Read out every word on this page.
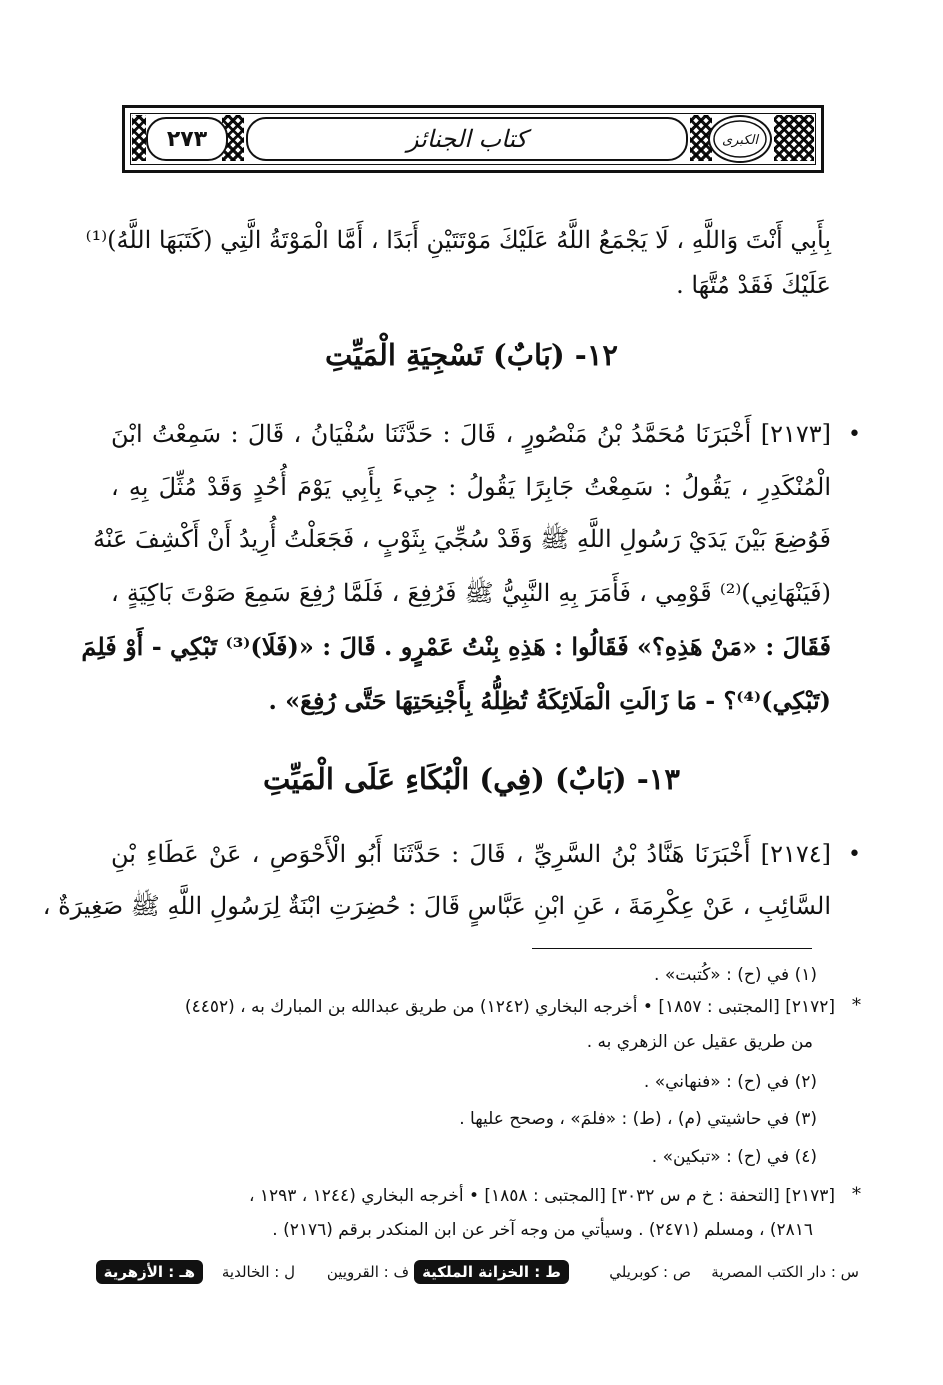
الكبرى
كتاب الجنائز
٢٧٣
بِأَبِي أَنْتَ وَاللَّهِ ، لَا يَجْمَعُ اللَّهُ عَلَيْكَ مَوْتَتَيْنِ أَبَدًا ، أَمَّا الْمَوْتَةُ الَّتِي (كَتَبَهَا اللَّهُ)⁽¹⁾
عَلَيْكَ فَقَدْ مُتَّهَا .
١٢- (بَابٌ) تَسْجِيَةِ الْمَيِّتِ
•
[٢١٧٣] أَخْبَرَنَا مُحَمَّدُ بْنُ مَنْصُورٍ ، قَالَ : حَدَّثَنَا سُفْيَانُ ، قَالَ : سَمِعْتُ ابْنَ
الْمُنْكَدِرِ ، يَقُولُ : سَمِعْتُ جَابِرًا يَقُولُ : جِيءَ بِأَبِي يَوْمَ أُحُدٍ وَقَدْ مُثِّلَ بِهِ ،
فَوُضِعَ بَيْنَ يَدَيْ رَسُولِ اللَّهِ ﷺ وَقَدْ سُجِّيَ بِثَوْبٍ ، فَجَعَلْتُ أُرِيدُ أَنْ أَكْشِفَ عَنْهُ
(فَيَنْهَانِي)⁽²⁾ قَوْمِي ، فَأَمَرَ بِهِ النَّبِيُّ ﷺ فَرُفِعَ ، فَلَمَّا رُفِعَ سَمِعَ صَوْتَ بَاكِيَةٍ ،
فَقَالَ : «مَنْ هَذِهِ؟» فَقَالُوا : هَذِهِ بِنْتُ عَمْرٍو . قَالَ : «(فَلَا)⁽³⁾ تَبْكِي - أَوْ فَلِمَ
(تَبْكِي)⁽⁴⁾؟ - مَا زَالَتِ الْمَلَائِكَةُ تُظِلُّهُ بِأَجْنِحَتِهَا حَتَّى رُفِعَ» .
١٣- (بَابٌ) (فِي) الْبُكَاءِ عَلَى الْمَيِّتِ
•
[٢١٧٤] أَخْبَرَنَا هَنَّادُ بْنُ السَّرِيِّ ، قَالَ : حَدَّثَنَا أَبُو الْأَحْوَصِ ، عَنْ عَطَاءِ بْنِ
السَّائِبِ ، عَنْ عِكْرِمَةَ ، عَنِ ابْنِ عَبَّاسٍ قَالَ : حُضِرَتِ ابْنَةٌ لِرَسُولِ اللَّهِ ﷺ صَغِيرَةٌ ،
(١) في (ح) : «كُتبت» .
*
[٢١٧٢] [المجتبى : ١٨٥٧] • أخرجه البخاري (١٢٤٢) من طريق عبدالله بن المبارك به ، (٤٤٥٢)
من طريق عقيل عن الزهري به .
(٢) في (ح) : «فنهاني» .
(٣) في حاشيتي (م) ، (ط) : «فلمَ» ، وصحح عليها .
(٤) في (ح) : «تبكين» .
*
[٢١٧٣] [التحفة : خ م س ٣٠٣٢] [المجتبى : ١٨٥٨] • أخرجه البخاري (١٢٤٤ ، ١٢٩٣ ،
٢٨١٦) ، ومسلم (٢٤٧١) . وسيأتي من وجه آخر عن ابن المنكدر برقم (٢١٧٦) .
س : دار الكتب المصرية
ص : كوبريلي
ط : الخزانة الملكية
ف : القرويين
ل : الخالدية
هـ : الأزهرية
